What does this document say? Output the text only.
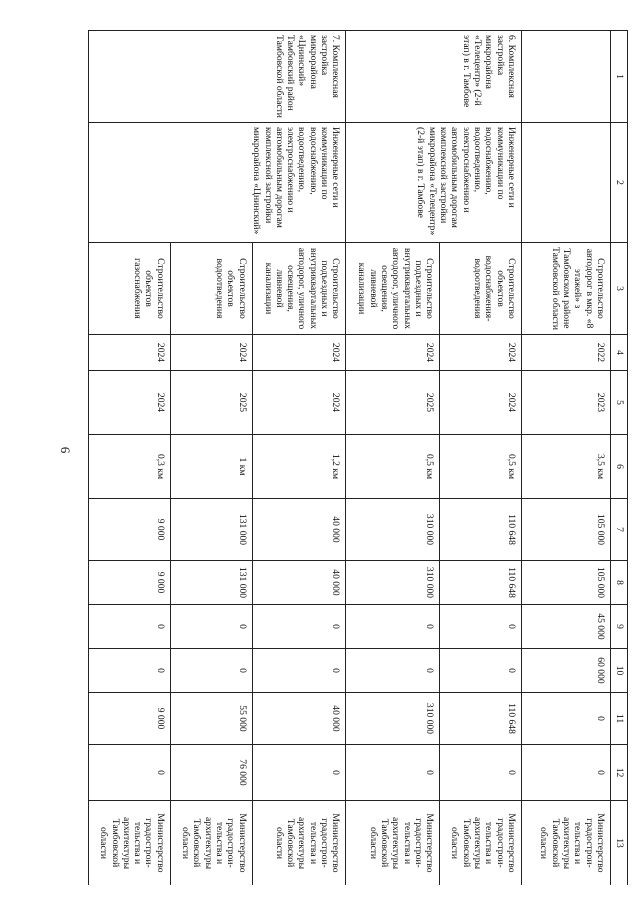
6
1	2	3	4	5	6	7	8	9	10	11	12	13
		Строительство автодорог в мкр. «8 этажей» з Тамбовском районе Тамбовской области	2022	2023	3,5 км	105 000	105 000	45 000	60 000	0	0	Министерство градострои-тельства и архитектуры Тамбовской области
6. Комплексная застройка микрорайона «Телецентр» (2-й этап) в г. Тамбове	Инженерные сети и коммуникации по водоснабжению, водоотведению, электроснабжению и автомобильным дорогам комплексной застройки микрорайона «Телецентр» (2-й этап) в г. Тамбове	Строительство объектов водоснабжения-водоотведения	2024	2024	0,5 км	110 648	110 648	0	0	110 648	0	Министерство градострои-тельства и архитектуры Тамбовской области
		Строительство подъездных и внутриквартальных автодорог, уличного освещения, ливневой канализации	2024	2025	0,5 км	310 000	310 000	0	0	310 000	0	Министерство градострои-тельства и архитектуры Тамбовской области
7. Комплексная застройка микрорайона «Цнинский» Тамбовский район Тамбовской области	Инженерные сети и коммуникации по водоснабжению, водоотведению, электроснабжению и автомобильным дорогам комплексной застройки микрорайона «Цнинский»	Строительство подъездных и внутриквартальных автодорог, уличного освещения, ливневой канализации	2024	2024	1,2 км	40 000	40 000	0	0	40 000	0	Министерство градострои-тельства и архитектуры Тамбовской области
		Строительство объектов водоотведения	2024	2025	1 км	131 000	131 000	0	0	55 000	76 000	Министерство градострои-тельства и архитектуры Тамбовской области
		Строительство объектов газоснабжения	2024	2024	0,3 км	9 000	9 000	0	0	9 000	0	Министерство градострои-тельства и архитектуры Тамбовской области
